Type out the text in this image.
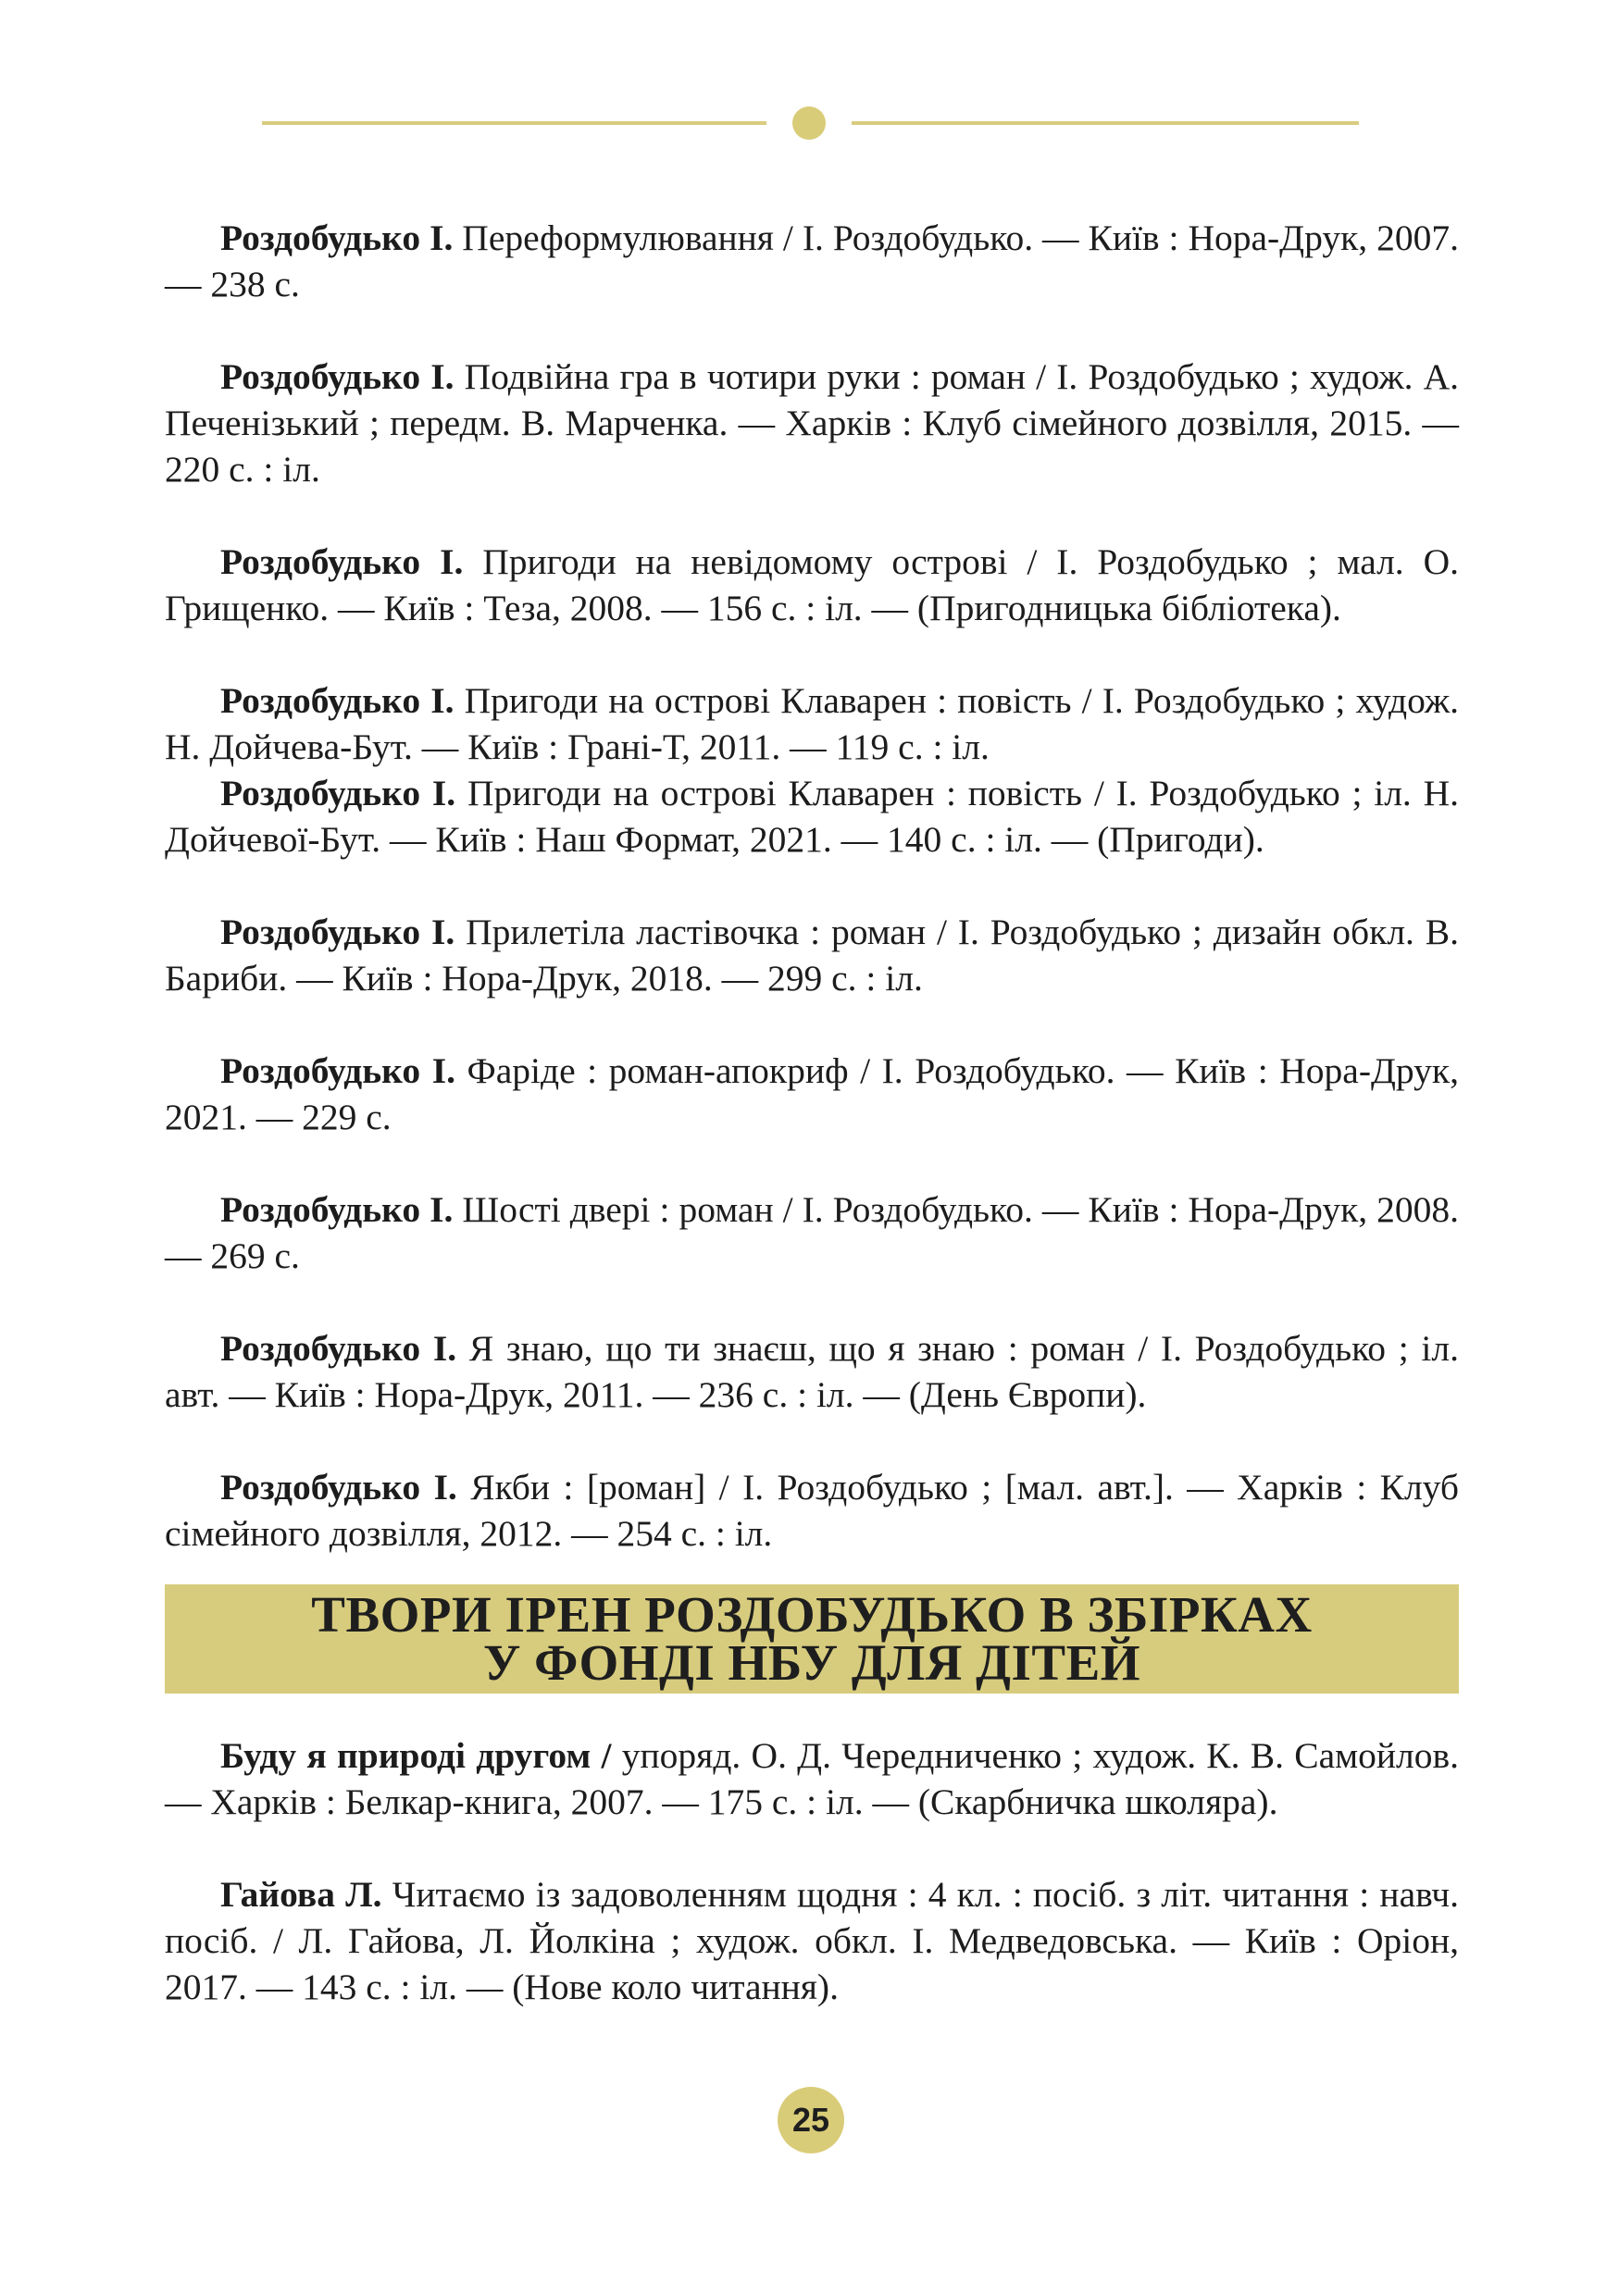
Роздобудько І. Переформулювання / І. Роздобудько. — Київ : Нора-Друк, 2007. — 238 с.

Роздобудько І. Подвійна гра в чотири руки : роман / І. Роздобудько ; худож. А. Печенізький ; передм. В. Марченка. — Харків : Клуб сімейного дозвілля, 2015. — 220 с. : іл.

Роздобудько І. Пригоди на невідомому острові / І. Роздобудько ; мал. О. Грищенко. — Київ : Теза, 2008. — 156 с. : іл. — (Пригодницька бібліотека).

Роздобудько І. Пригоди на острові Клаварен : повість / І. Роздобудько ; худож. Н. Дойчева-Бут. — Київ : Грані-Т, 2011. — 119 с. : іл.

Роздобудько І. Пригоди на острові Клаварен : повість / І. Роздобудько ; іл. Н. Дойчевої-Бут. — Київ : Наш Формат, 2021. — 140 с. : іл. — (Пригоди).

Роздобудько І. Прилетіла ластівочка : роман / І. Роздобудько ; дизайн обкл. В. Бариби. — Київ : Нора-Друк, 2018. — 299 с. : іл.

Роздобудько І. Фаріде : роман-апокриф / І. Роздобудько. — Київ : Нора-Друк, 2021. — 229 с.

Роздобудько І. Шості двері : роман / І. Роздобудько. — Київ : Нора-Друк, 2008. — 269 с.

Роздобудько І. Я знаю, що ти знаєш, що я знаю : роман / І. Роздобудько ; іл. авт. — Київ : Нора-Друк, 2011. — 236 с. : іл. — (День Європи).

Роздобудько І. Якби : [роман] / І. Роздобудько ; [мал. авт.]. — Харків : Клуб сімейного дозвілля, 2012. — 254 с. : іл.

ТВОРИ ІРЕН РОЗДОБУДЬКО В ЗБІРКАХ
У ФОНДІ НБУ ДЛЯ ДІТЕЙ

Буду я природі другом / упоряд. О. Д. Чередниченко ; худож. К. В. Самойлов. — Харків : Белкар-книга, 2007. — 175 с. : іл. — (Скарбничка школяра).

Гайова Л. Читаємо із задоволенням щодня : 4 кл. : посіб. з літ. читання : навч. посіб. / Л. Гайова, Л. Йолкіна ; худож. обкл. І. Медведовська. — Київ : Оріон, 2017. — 143 с. : іл. — (Нове коло читання).

25
